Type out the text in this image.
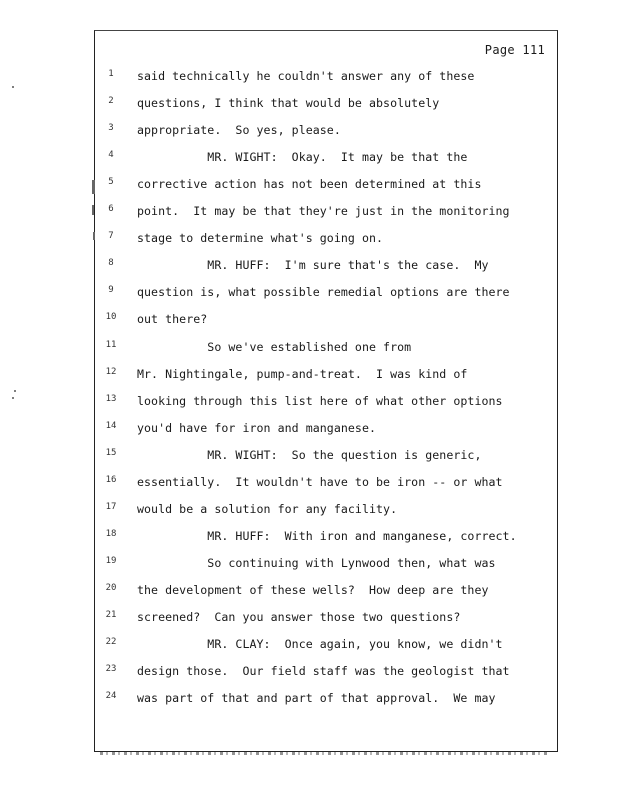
Page 111
1	said technically he couldn't answer any of these
2	questions, I think that would be absolutely
3	appropriate.  So yes, please.
4	MR. WIGHT:  Okay.  It may be that the
5	corrective action has not been determined at this
6	point.  It may be that they're just in the monitoring
7	stage to determine what's going on.
8	MR. HUFF:  I'm sure that's the case.  My
9	question is, what possible remedial options are there
10	out there?
11	So we've established one from
12	Mr. Nightingale, pump-and-treat.  I was kind of
13	looking through this list here of what other options
14	you'd have for iron and manganese.
15	MR. WIGHT:  So the question is generic,
16	essentially.  It wouldn't have to be iron -- or what
17	would be a solution for any facility.
18	MR. HUFF:  With iron and manganese, correct.
19	So continuing with Lynwood then, what was
20	the development of these wells?  How deep are they
21	screened?  Can you answer those two questions?
22	MR. CLAY:  Once again, you know, we didn't
23	design those.  Our field staff was the geologist that
24	was part of that and part of that approval.  We may
